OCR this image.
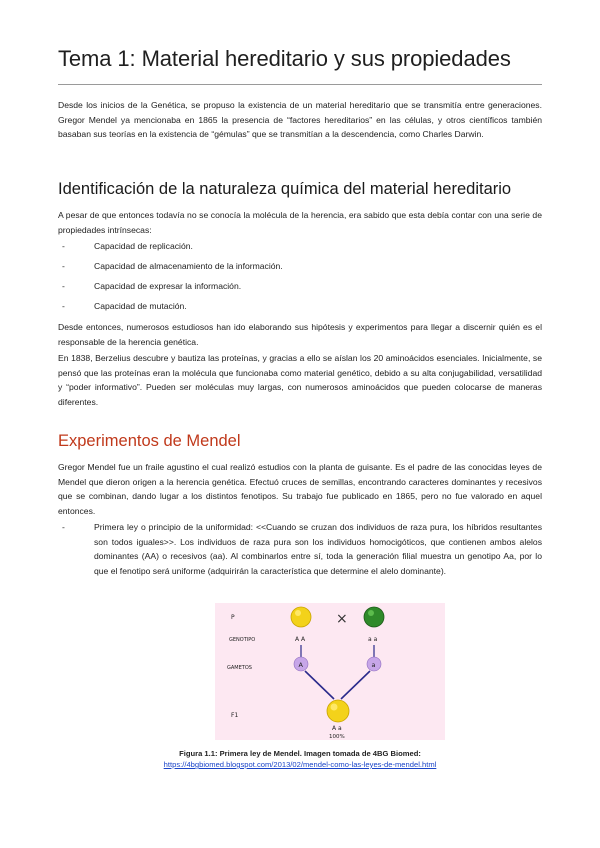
Tema 1: Material hereditario y sus propiedades

Desde los inicios de la Genética, se propuso la existencia de un material hereditario que se transmitía entre generaciones. Gregor Mendel ya mencionaba en 1865 la presencia de “factores hereditarios” en las células, y otros científicos también basaban sus teorías en la existencia de “gémulas” que se transmitían a la descendencia, como Charles Darwin.

Identificación de la naturaleza química del material hereditario

A pesar de que entonces todavía no se conocía la molécula de la herencia, era sabido que esta debía contar con una serie de propiedades intrínsecas:

- Capacidad de replicación.
- Capacidad de almacenamiento de la información.
- Capacidad de expresar la información.
- Capacidad de mutación.

Desde entonces, numerosos estudiosos han ido elaborando sus hipótesis y experimentos para llegar a discernir quién es el responsable de la herencia genética.

En 1838, Berzelius descubre y bautiza las proteínas, y gracias a ello se aíslan los 20 aminoácidos esenciales. Inicialmente, se pensó que las proteínas eran la molécula que funcionaba como material genético, debido a su alta conjugabilidad, versatilidad y “poder informativo”. Pueden ser moléculas muy largas, con numerosos aminoácidos que pueden colocarse de maneras diferentes.

Experimentos de Mendel

Gregor Mendel fue un fraile agustino el cual realizó estudios con la planta de guisante. Es el padre de las conocidas leyes de Mendel que dieron origen a la herencia genética. Efectuó cruces de semillas, encontrando caracteres dominantes y recesivos que se combinan, dando lugar a los distintos fenotipos. Su trabajo fue publicado en 1865, pero no fue valorado en aquel entonces.

- Primera ley o principio de la uniformidad: <<Cuando se cruzan dos individuos de raza pura, los híbridos resultantes son todos iguales>>. Los individuos de raza pura son los individuos homocigóticos, que contienen ambos alelos dominantes (AA) o recesivos (aa). Al combinarlos entre sí, toda la generación filial muestra un genotipo Aa, por lo que el fenotipo será uniforme (adquirirán la característica que determine el alelo dominante).
P
GENOTIPO
GAMETOS
F1
×
A A	a a
A	a
A a
100%
Figura 1.1: Primera ley de Mendel. Imagen tomada de 4BG Biomed:
https://4bgbiomed.blogspot.com/2013/02/mendel-como-las-leyes-de-mendel.html
